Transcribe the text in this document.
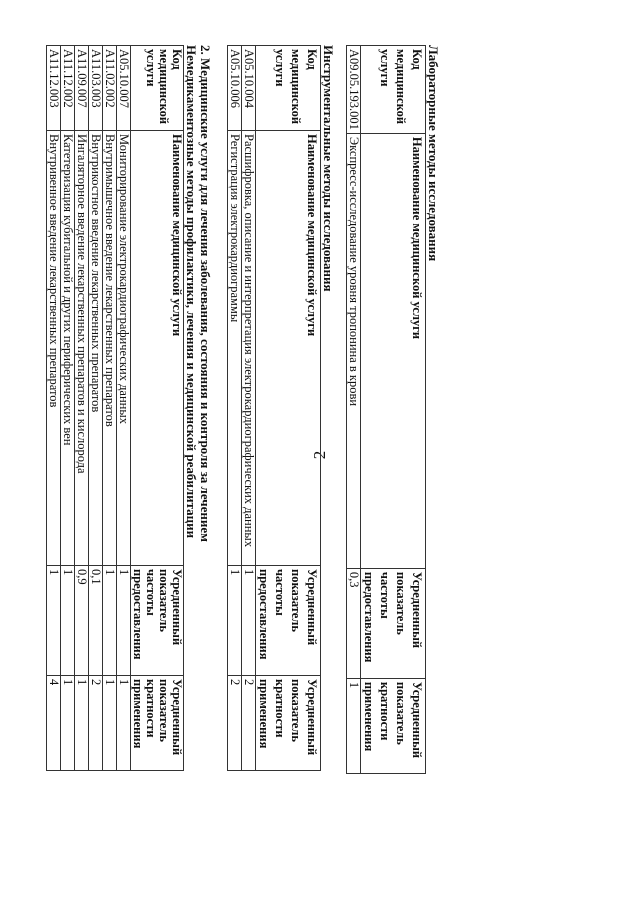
2
Лабораторные методы исследования
Код медицинской услуги	Наименование медицинской услуги	Усредненный показатель частоты предоставления	Усредненный показатель кратности применения
A09.05.193.001	Экспресс-исследование уровня тропонина в крови	0,3	1
Инструментальные методы исследования
Код медицинской услуги	Наименование медицинской услуги	Усредненный показатель частоты предоставления	Усредненный показатель кратности применения
A05.10.004	Расшифровка, описание и интерпретация электрокардиографических данных	1	2
A05.10.006	Регистрация электрокардиограммы	1	2
2. Медицинские услуги для лечения заболевания, состояния и контроля за лечением
Немедикаментозные методы профилактики, лечения и медицинской реабилитации
Код медицинской услуги	Наименование медицинской услуги	Усредненный показатель частоты предоставления	Усредненный показатель кратности применения
A05.10.007	Мониторирование электрокардиографических данных	1	1
A11.02.002	Внутримышечное введение лекарственных препаратов	1	1
A11.03.003	Внутрикостное введение лекарственных препаратов	0,1	2
A11.09.007	Ингаляторное введение лекарственных препаратов и кислорода	0,9	1
A11.12.002	Катетеризация кубитальной и других периферических вен	1	1
A11.12.003	Внутривенное введение лекарственных препаратов	1	4
